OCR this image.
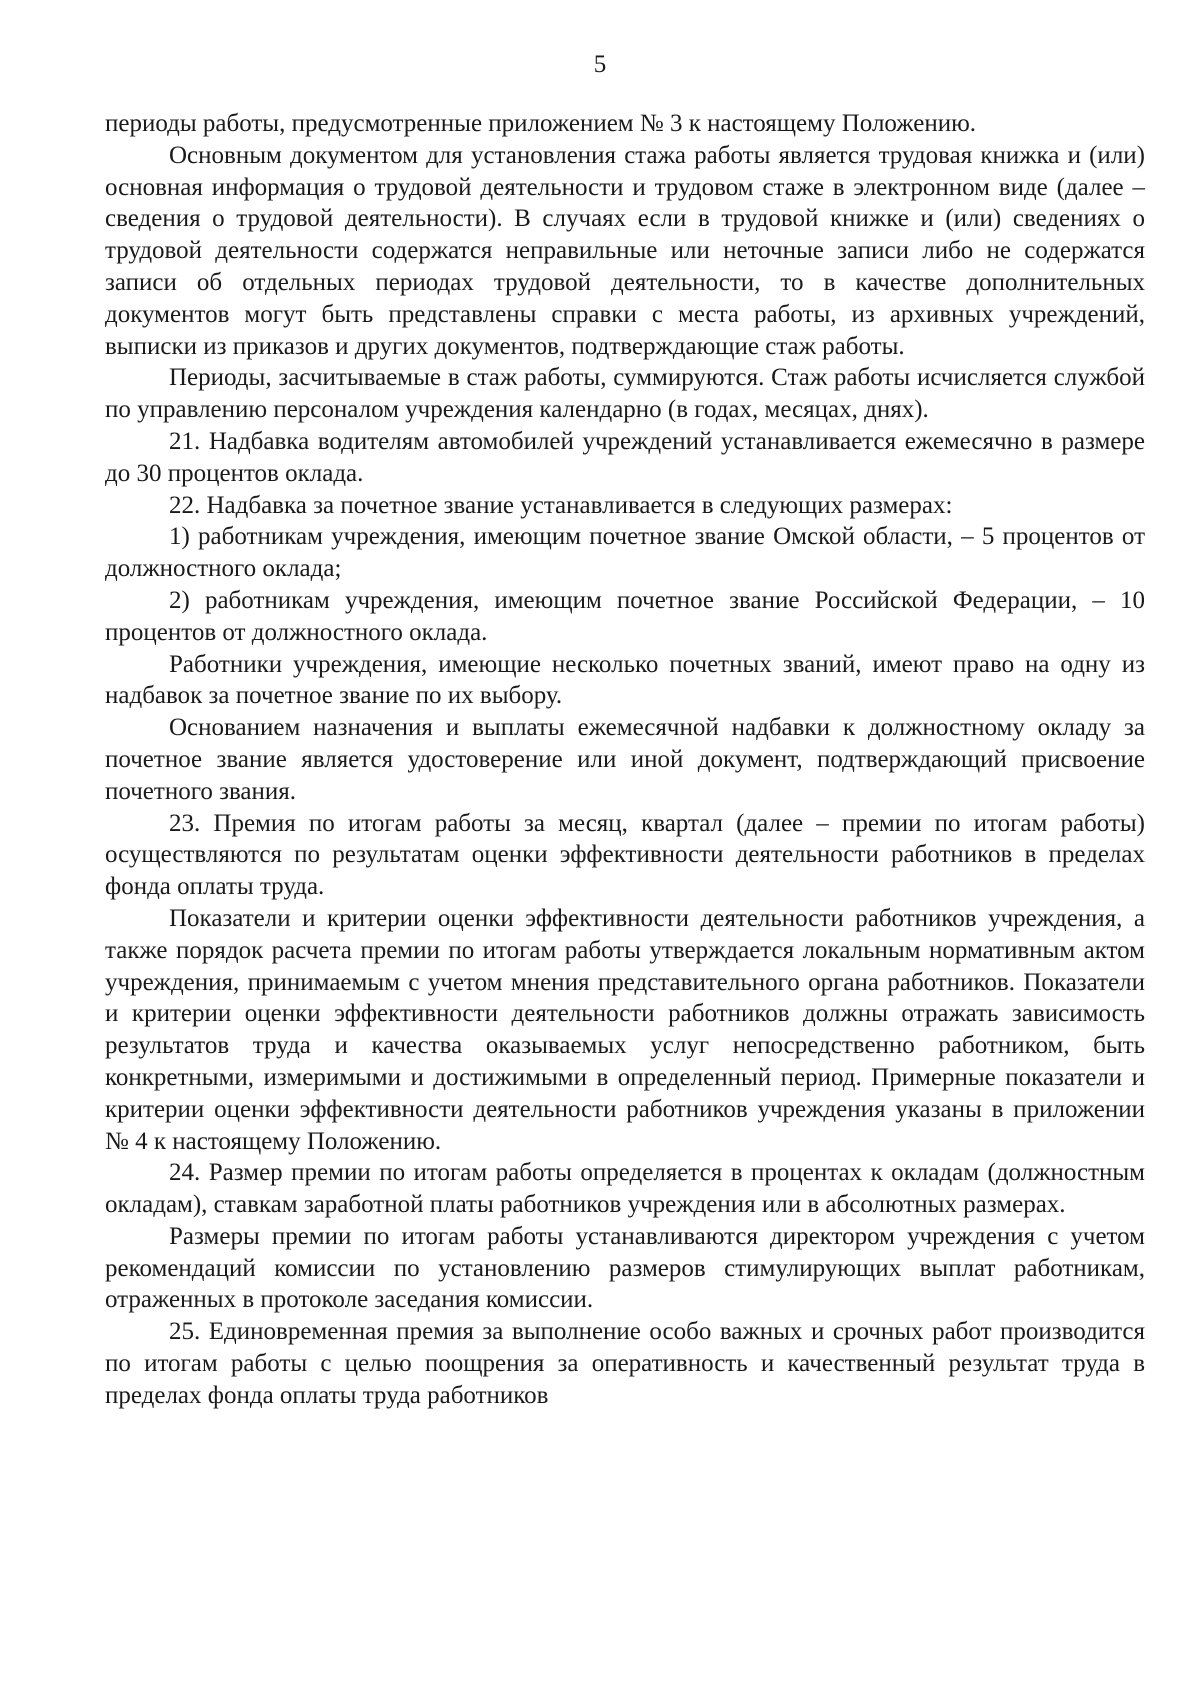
5

периоды работы, предусмотренные приложением № 3 к настоящему Положению.

Основным документом для установления стажа работы является трудовая книжка и (или) основная информация о трудовой деятельности и трудовом стаже в электронном виде (далее – сведения о трудовой деятельности). В случаях если в трудовой книжке и (или) сведениях о трудовой деятельности содержатся неправильные или неточные записи либо не содержатся записи об отдельных периодах трудовой деятельности, то в качестве дополнительных документов могут быть представлены справки с места работы, из архивных учреждений, выписки из приказов и других документов, подтверждающие стаж работы.

Периоды, засчитываемые в стаж работы, суммируются. Стаж работы исчисляется службой по управлению персоналом учреждения календарно (в годах, месяцах, днях).

21. Надбавка водителям автомобилей учреждений устанавливается ежемесячно в размере до 30 процентов оклада.

22. Надбавка за почетное звание устанавливается в следующих размерах:

1) работникам учреждения, имеющим почетное звание Омской области, – 5 процентов от должностного оклада;

2) работникам учреждения, имеющим почетное звание Российской Федерации, – 10 процентов от должностного оклада.

Работники учреждения, имеющие несколько почетных званий, имеют право на одну из надбавок за почетное звание по их выбору.

Основанием назначения и выплаты ежемесячной надбавки к должностному окладу за почетное звание является удостоверение или иной документ, подтверждающий присвоение почетного звания.

23. Премия по итогам работы за месяц, квартал (далее – премии по итогам работы) осуществляются по результатам оценки эффективности деятельности работников в пределах фонда оплаты труда.

Показатели и критерии оценки эффективности деятельности работников учреждения, а также порядок расчета премии по итогам работы утверждается локальным нормативным актом учреждения, принимаемым с учетом мнения представительного органа работников. Показатели и критерии оценки эффективности деятельности работников должны отражать зависимость результатов труда и качества оказываемых услуг непосредственно работником, быть конкретными, измеримыми и достижимыми в определенный период. Примерные показатели и критерии оценки эффективности деятельности работников учреждения указаны в приложении № 4 к настоящему Положению.

24. Размер премии по итогам работы определяется в процентах к окладам (должностным окладам), ставкам заработной платы работников учреждения или в абсолютных размерах.

Размеры премии по итогам работы устанавливаются директором учреждения с учетом рекомендаций комиссии по установлению размеров стимулирующих выплат работникам, отраженных в протоколе заседания комиссии.

25. Единовременная премия за выполнение особо важных и срочных работ производится по итогам работы с целью поощрения за оперативность и качественный результат труда в пределах фонда оплаты труда работников
